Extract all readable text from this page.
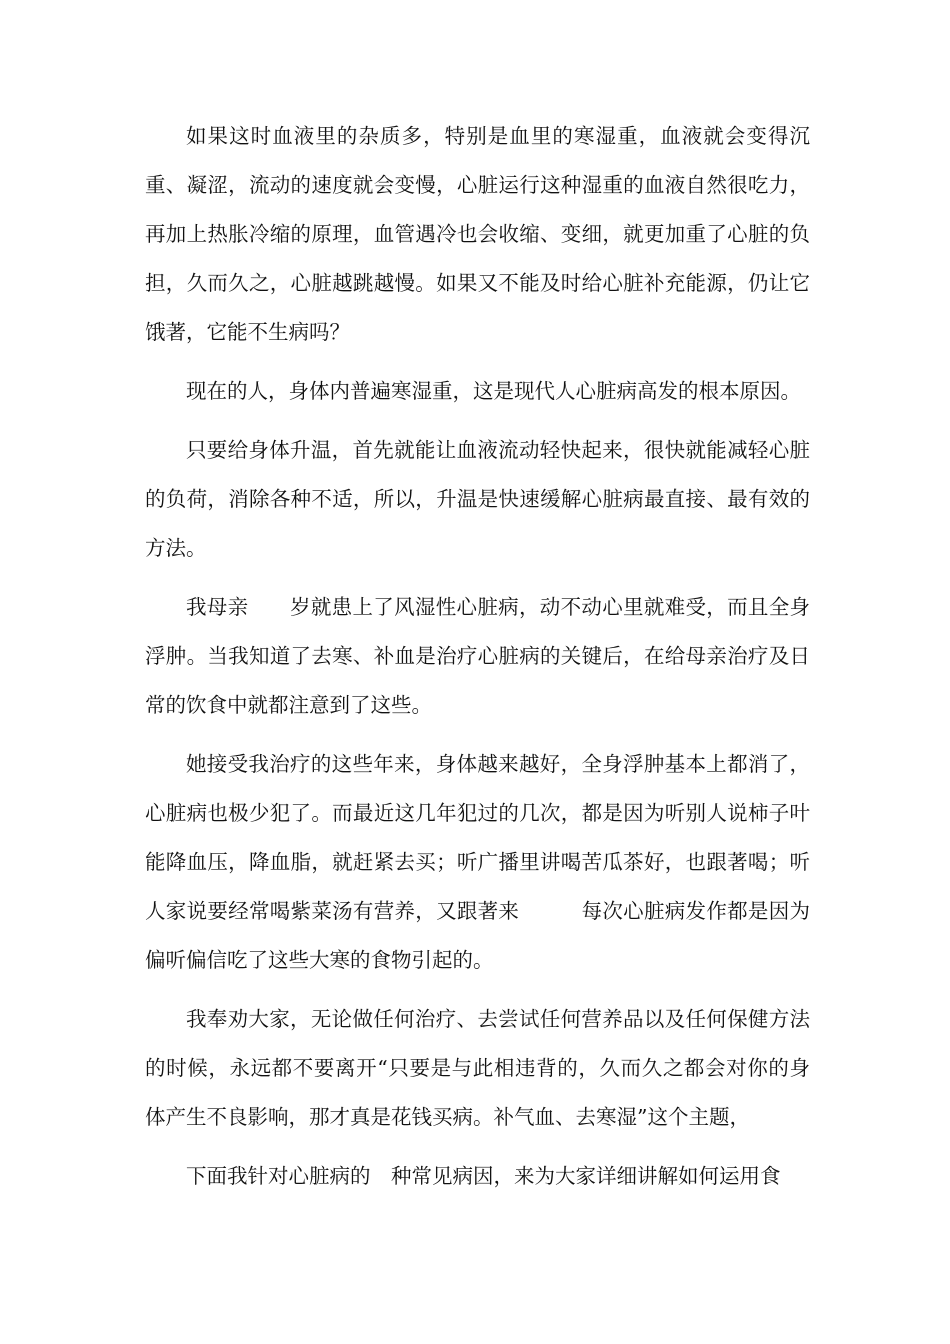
如果这时血液里的杂质多，特别是血里的寒湿重，血液就会变得沉重、凝涩，流动的速度就会变慢，心脏运行这种湿重的血液自然很吃力，再加上热胀冷缩的原理，血管遇冷也会收缩、变细，就更加重了心脏的负担，久而久之，心脏越跳越慢。如果又不能及时给心脏补充能源，仍让它饿著，它能不生病吗？

现在的人，身体内普遍寒湿重，这是现代人心脏病高发的根本原因。

只要给身体升温，首先就能让血液流动轻快起来，很快就能减轻心脏的负荷，消除各种不适，所以，升温是快速缓解心脏病最直接、最有效的方法。

我母亲　　岁就患上了风湿性心脏病，动不动心里就难受，而且全身浮肿。当我知道了去寒、补血是治疗心脏病的关键后，在给母亲治疗及日常的饮食中就都注意到了这些。

她接受我治疗的这些年来，身体越来越好，全身浮肿基本上都消了，心脏病也极少犯了。而最近这几年犯过的几次，都是因为听别人说柿子叶能降血压，降血脂，就赶紧去买；听广播里讲喝苦瓜茶好，也跟著喝；听人家说要经常喝紫菜汤有营养，又跟著来　　　每次心脏病发作都是因为偏听偏信吃了这些大寒的食物引起的。

我奉劝大家，无论做任何治疗、去尝试任何营养品以及任何保健方法的时候，永远都不要离开“只要是与此相违背的，久而久之都会对你的身体产生不良影响，那才真是花钱买病。补气血、去寒湿”这个主题，

下面我针对心脏病的　种常见病因，来为大家详细讲解如何运用食
